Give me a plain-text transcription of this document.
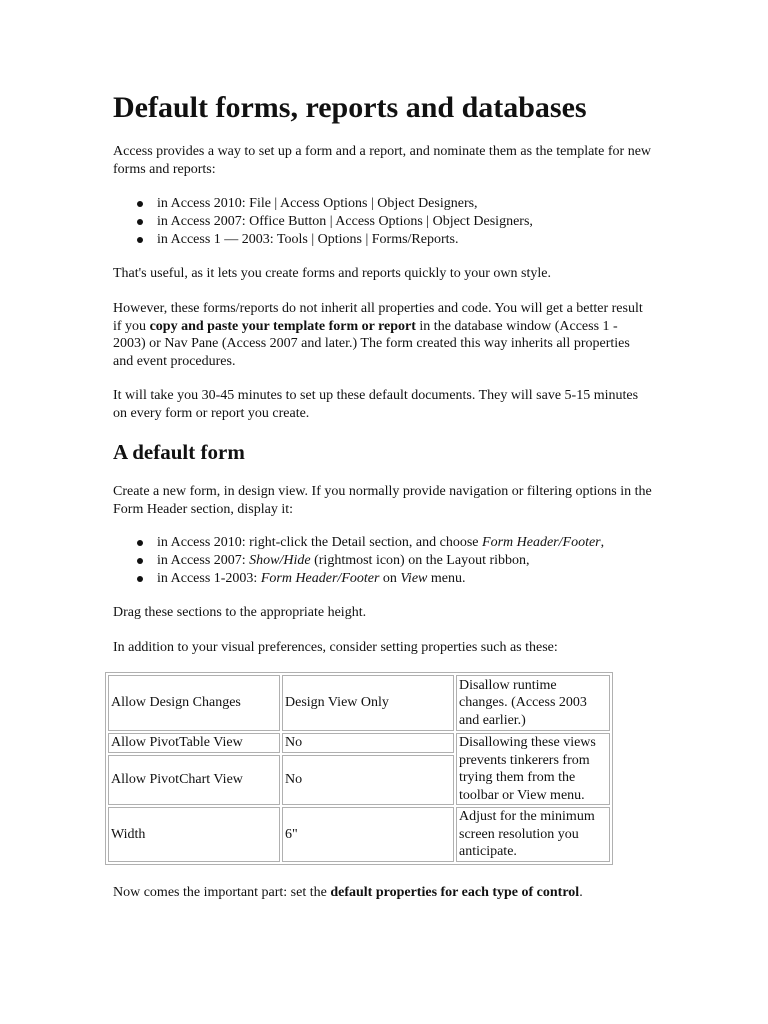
Default forms, reports and databases

Access provides a way to set up a form and a report, and nominate them as the template for new forms and reports:

in Access 2010: File | Access Options | Object Designers,
in Access 2007: Office Button | Access Options | Object Designers,
in Access 1 — 2003: Tools | Options | Forms/Reports.

That's useful, as it lets you create forms and reports quickly to your own style.

However, these forms/reports do not inherit all properties and code. You will get a better result if you copy and paste your template form or report in the database window (Access 1 - 2003) or Nav Pane (Access 2007 and later.) The form created this way inherits all properties and event procedures.

It will take you 30-45 minutes to set up these default documents. They will save 5-15 minutes on every form or report you create.

A default form

Create a new form, in design view. If you normally provide navigation or filtering options in the Form Header section, display it:

in Access 2010: right-click the Detail section, and choose Form Header/Footer,
in Access 2007: Show/Hide (rightmost icon) on the Layout ribbon,
in Access 1-2003: Form Header/Footer on View menu.

Drag these sections to the appropriate height.

In addition to your visual preferences, consider setting properties such as these:

Allow Design Changes	Design View Only	Disallow runtime changes. (Access 2003 and earlier.)
Allow PivotTable View	No	Disallowing these views prevents tinkerers from trying them from the toolbar or View menu.
Allow PivotChart View	No	
Width	6"	Adjust for the minimum screen resolution you anticipate.

Now comes the important part: set the default properties for each type of control.
